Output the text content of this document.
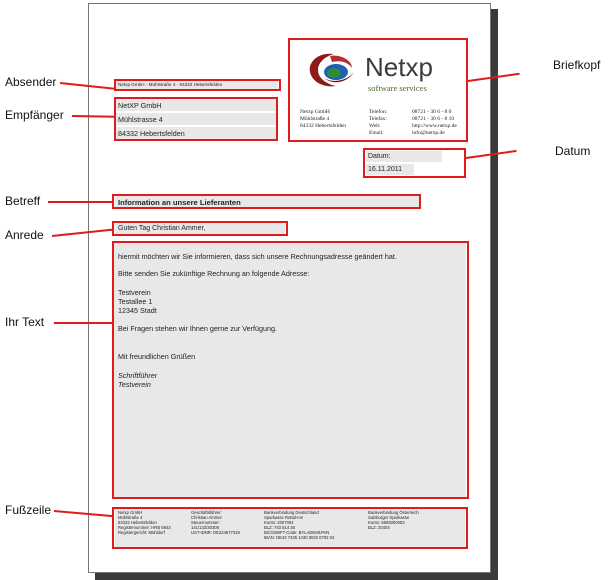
Netxp GmbH - Mühlstraße 4 - 84332 Hebertsfelden
NetXP GmbH
Mühlstrasse 4
84332 Hebertsfelden
Netxp
software services
Netxp GmbH
Mühlstraße 4
84332 Hebertsfelden
Telefon:
Telefax:
Web:
Email:
08721 - 30 6 - 8 0
08721 - 30 6 - 8 10
http://www.netxp.de
info@netxp.de
Datum:
16.11.2011
Information an unsere Lieferanten
Guten Tag Christian Ammer,
hiermit möchten wir Sie informieren, dass sich unsere Rechnungsadresse geändert hat.
Bitte senden Sie zukünftige Rechnung an folgende Adresse:
Testverein
Testallee 1
12345 Stadt
Bei Fragen stehen wir Ihnen gerne zur Verfügung.
Mit freundlichen Grüßen
Schriftführer
Testverein
Netxp GmbH
Mühlstraße 4
84332 Hebertsfelden
Registernummer: HRB 5943
Registergericht: Mühldorf
Geschäftsführer:
Christian Ammer
Steuernummer:
141/133/30308
UST-IDNR: DE224677319
Bankverbindung Deutschland
Sparkasse Rottal-Inn
Konto: 2007004
BLZ: 743 514 30
BIC/SWIFT-Code: BYLADEM1PAN
IBAN: DE43 7435 1430 0022 0702 04
Bankverbindung Österreich
Salzburger Sparkasse
Konto: 6605000003
BLZ: 20404
Absender
Empfänger
Betreff
Anrede
Ihr Text
Fußzeile
Briefkopf
Datum
